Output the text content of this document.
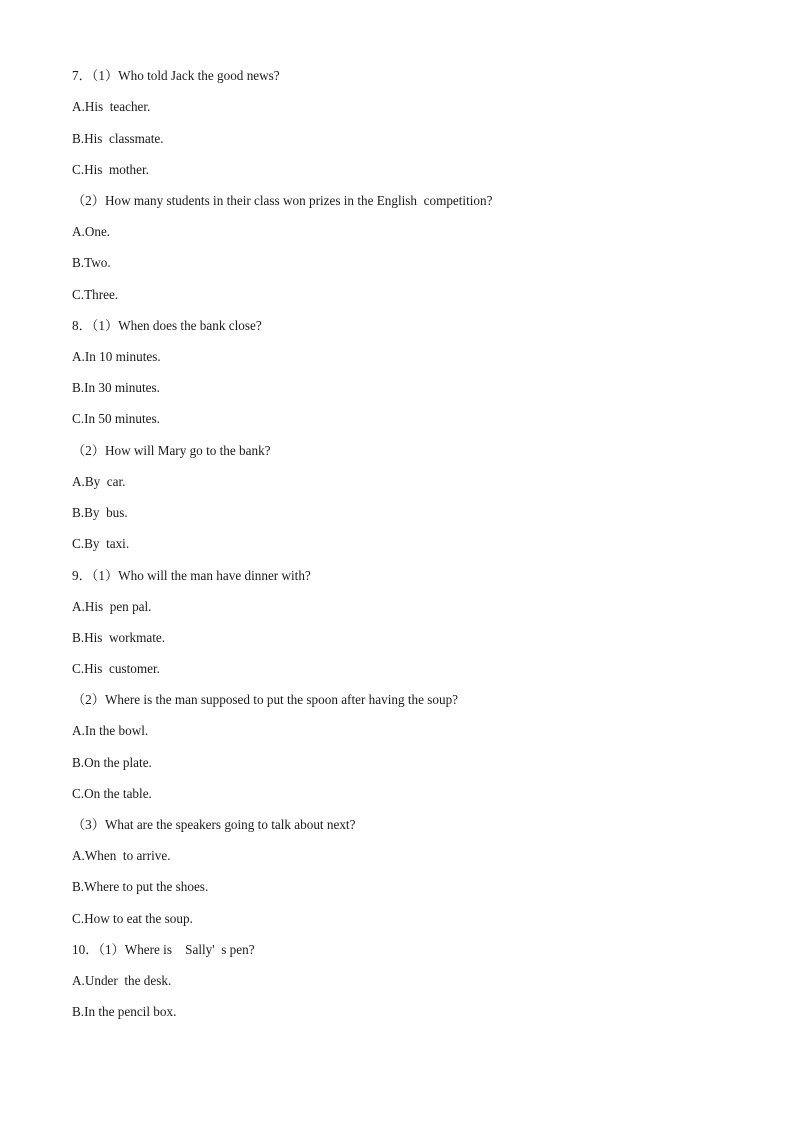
7．（1）Who told Jack the good news?
A.His  teacher.
B.His  classmate.
C.His  mother.
（2）How many students in their class won prizes in the English  competition?
A.One.
B.Two.
C.Three.
8．（1）When does the bank close?
A.In 10 minutes.
B.In 30 minutes.
C.In 50 minutes.
（2）How will Mary go to the bank?
A.By  car.
B.By  bus.
C.By  taxi.
9．（1）Who will the man have dinner with?
A.His  pen pal.
B.His  workmate.
C.His  customer.
（2）Where is the man supposed to put the spoon after having the soup?
A.In the bowl.
B.On the plate.
C.On the table.
（3）What are the speakers going to talk about next?
A.When  to arrive.
B.Where to put the shoes.
C.How to eat the soup.
10．（1）Where is    Sally'  s pen?
A.Under  the desk.
B.In the pencil box.
